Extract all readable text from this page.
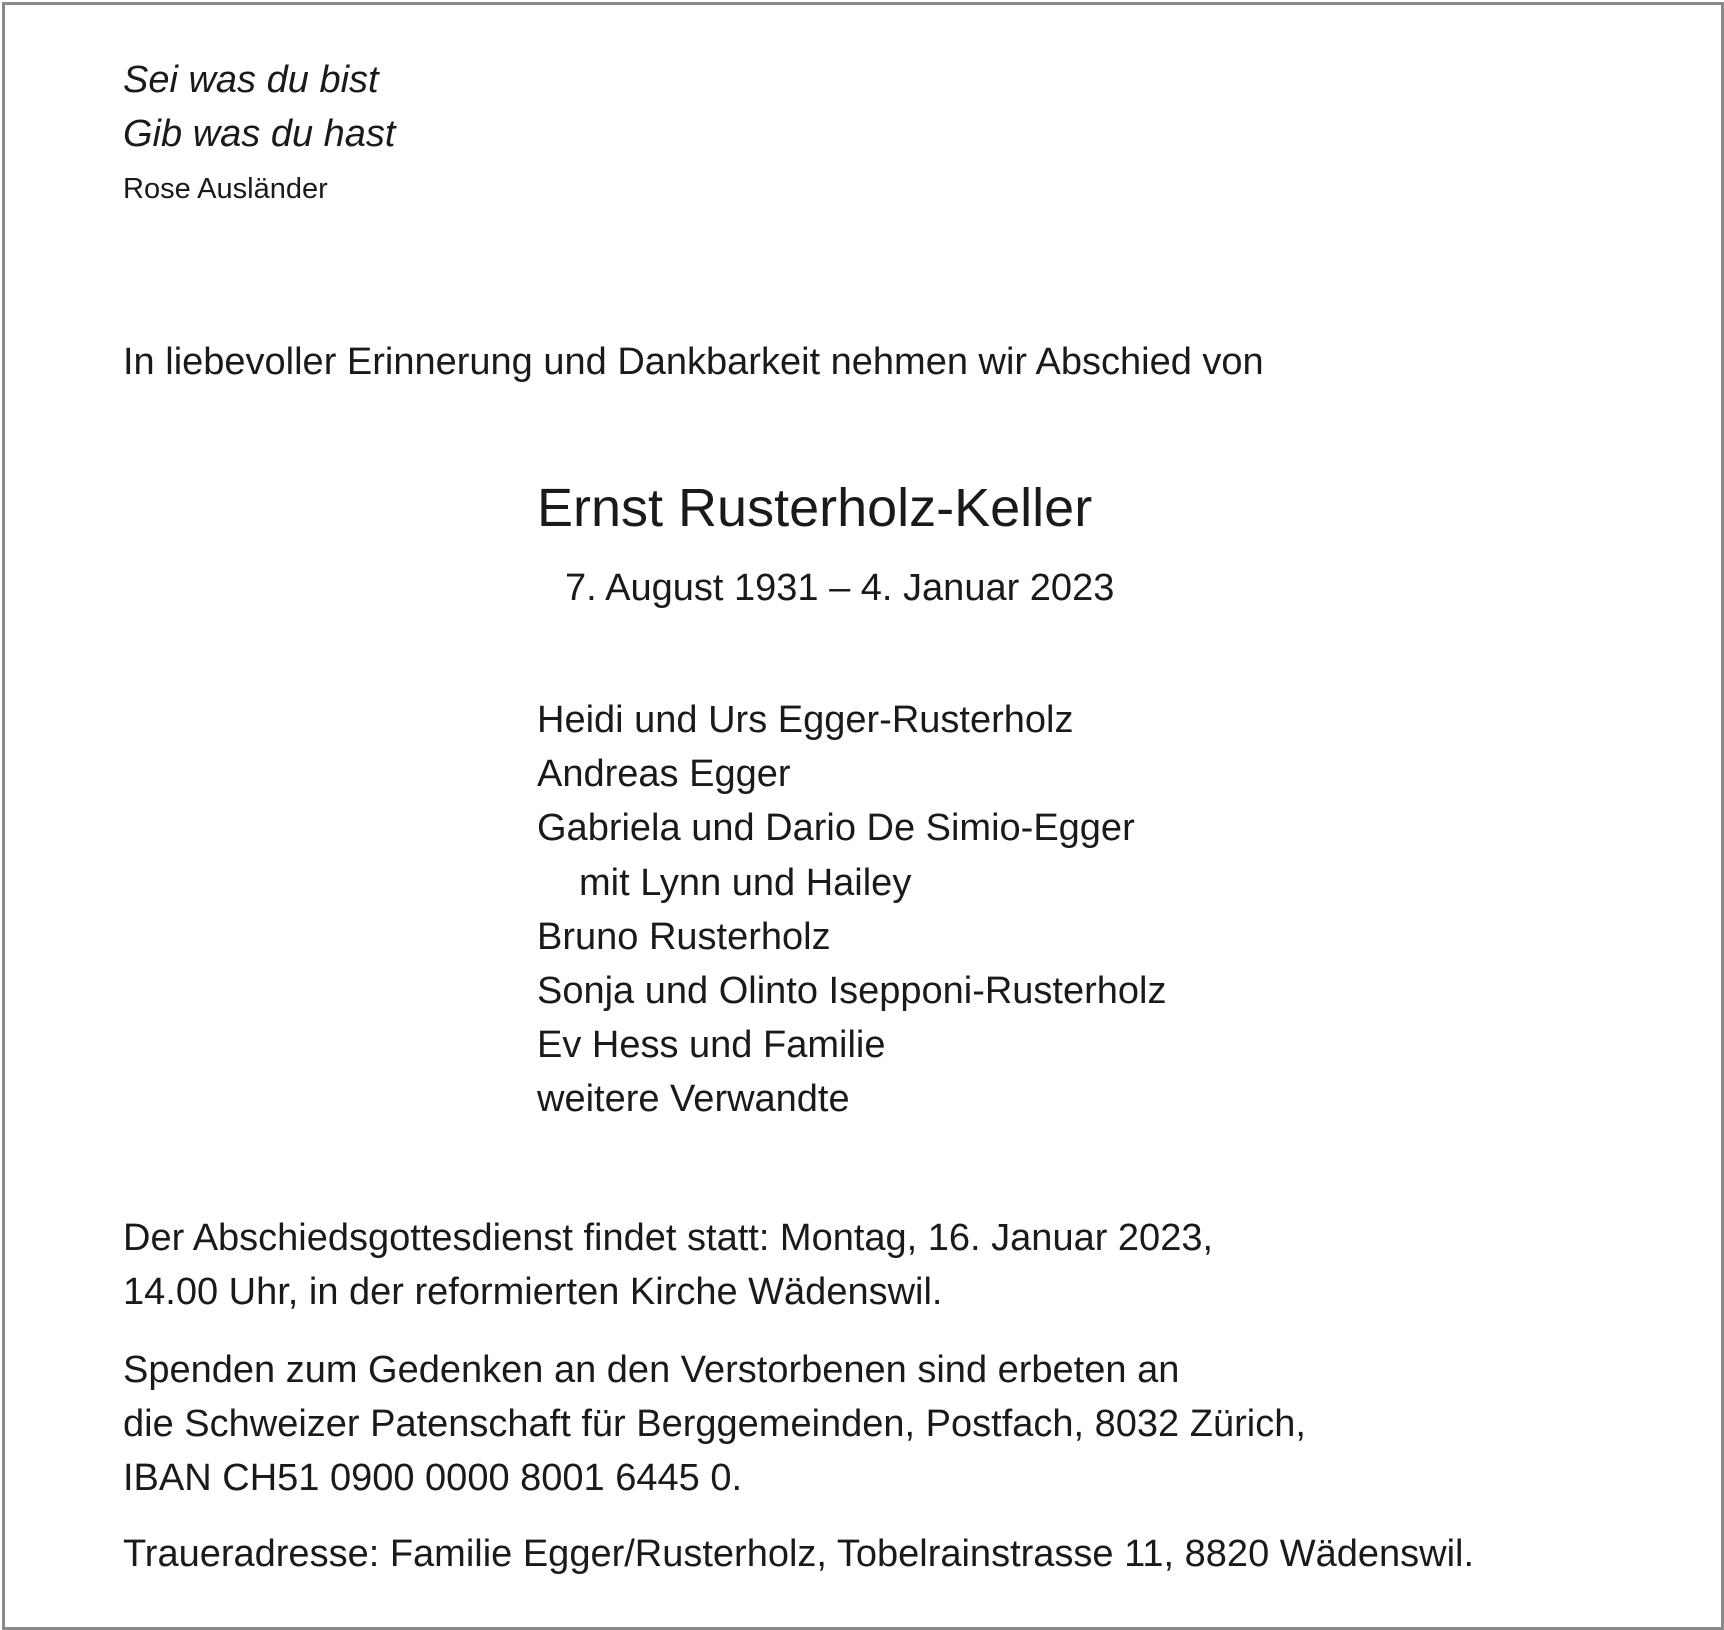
Sei was du bist
Gib was du hast
Rose Ausländer
In liebevoller Erinnerung und Dankbarkeit nehmen wir Abschied von
Ernst Rusterholz-Keller
7. August 1931 – 4. Januar 2023
Heidi und Urs Egger-Rusterholz
Andreas Egger
Gabriela und Dario De Simio-Egger
mit Lynn und Hailey
Bruno Rusterholz
Sonja und Olinto Isepponi-Rusterholz
Ev Hess und Familie
weitere Verwandte
Der Abschiedsgottesdienst findet statt: Montag, 16. Januar 2023,
14.00 Uhr, in der reformierten Kirche Wädenswil.
Spenden zum Gedenken an den Verstorbenen sind erbeten an
die Schweizer Patenschaft für Berggemeinden, Postfach, 8032 Zürich,
IBAN CH51 0900 0000 8001 6445 0.
Traueradresse: Familie Egger/Rusterholz, Tobelrainstrasse 11, 8820 Wädenswil.
